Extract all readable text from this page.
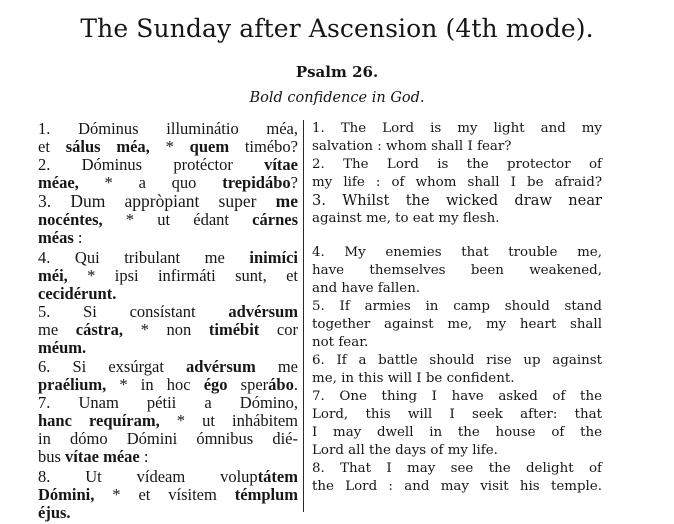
The Sunday after Ascension (4th mode).
Psalm 26.
Bold confidence in God.
1. Dóminus illuminátio méa,
et sálus méa, * quem timébo?
2. Dóminus protéctor vítae
méae, * a quo trepidábo?
3. Dum appròpiant super me
nocéntes, * ut édant cárnes
méas :
4. Qui tribulant me inimíci
méi, * ipsi infirmáti sunt, et
cecidérunt.
5. Si consístant advérsum
me cástra, * non timébit cor
méum.
6. Si exsúrgat advérsum me
praélium, * in hoc égo sperábo.
7. Unam pétii a Dómino,
hanc requíram, * ut inhábitem
in dómo Dómini ómnibus dié-
bus vítae méae :
8. Ut vídeam voluptátem
Dómini, * et vísitem témplum
éjus.
1. The Lord is my light and my
salvation : whom shall I fear?
2. The Lord is the protector of
my life : of whom shall I be afraid?
3. Whilst the wicked draw near
against me, to eat my flesh.
4. My enemies that trouble me,
have themselves been weakened,
and have fallen.
5. If armies in camp should stand
together against me, my heart shall
not fear.
6. If a battle should rise up against
me, in this will I be confident.
7. One thing I have asked of the
Lord, this will I seek after: that
I may dwell in the house of the
Lord all the days of my life.
8. That I may see the delight of
the Lord : and may visit his temple.
